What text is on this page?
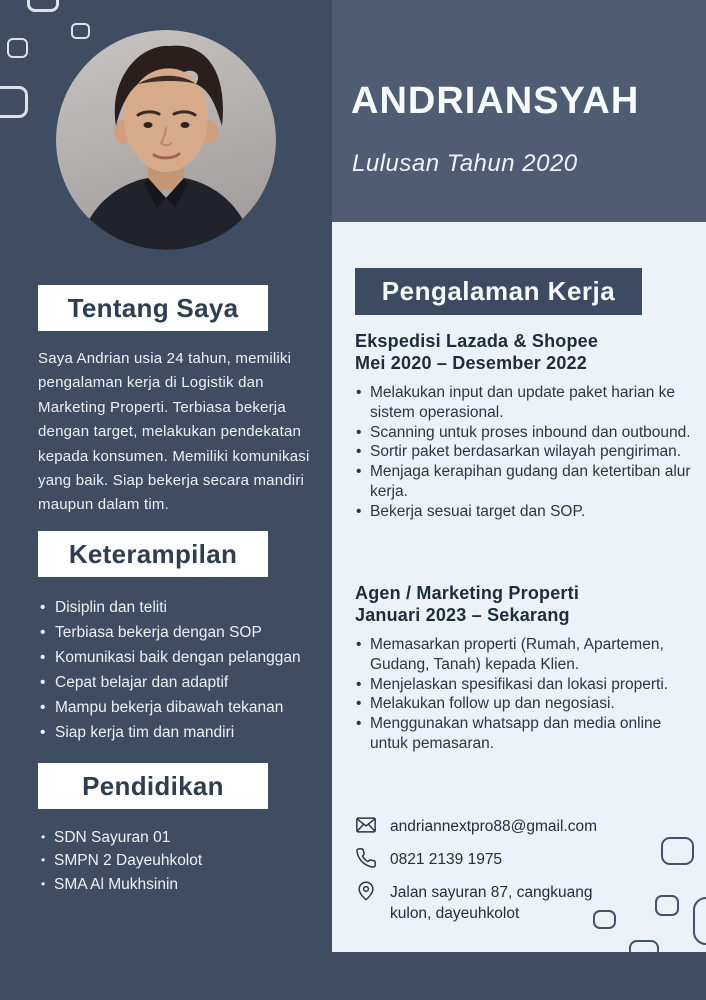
Tentang Saya

Saya Andrian usia 24 tahun, memiliki pengalaman kerja di Logistik dan Marketing Properti. Terbiasa bekerja dengan target, melakukan pendekatan kepada konsumen. Memiliki komunikasi yang baik. Siap bekerja secara mandiri maupun dalam tim.

Keterampilan
• Disiplin dan teliti
• Terbiasa bekerja dengan SOP
• Komunikasi baik dengan pelanggan
• Cepat belajar dan adaptif
• Mampu bekerja dibawah tekanan
• Siap kerja tim dan mandiri
Pendidikan
• SDN Sayuran 01
• SMPN 2 Dayeuhkolot
• SMA Al Mukhsinin
ANDRIANSYAH
Lulusan Tahun 2020
Pengalaman Kerja
Ekspedisi Lazada & Shopee
Mei 2020 – Desember 2022
• Melakukan input dan update paket harian ke sistem operasional.
• Scanning untuk proses inbound dan outbound.
• Sortir paket berdasarkan wilayah pengiriman.
• Menjaga kerapihan gudang dan ketertiban alur kerja.
• Bekerja sesuai target dan SOP.
Agen / Marketing Properti
Januari 2023 – Sekarang
• Memasarkan properti (Rumah, Apartemen, Gudang, Tanah) kepada Klien.
• Menjelaskan spesifikasi dan lokasi properti.
• Melakukan follow up dan negosiasi.
• Menggunakan whatsapp dan media online untuk pemasaran.
andriannextpro88@gmail.com
0821 2139 1975
Jalan sayuran 87, cangkuang
kulon, dayeuhkolot
